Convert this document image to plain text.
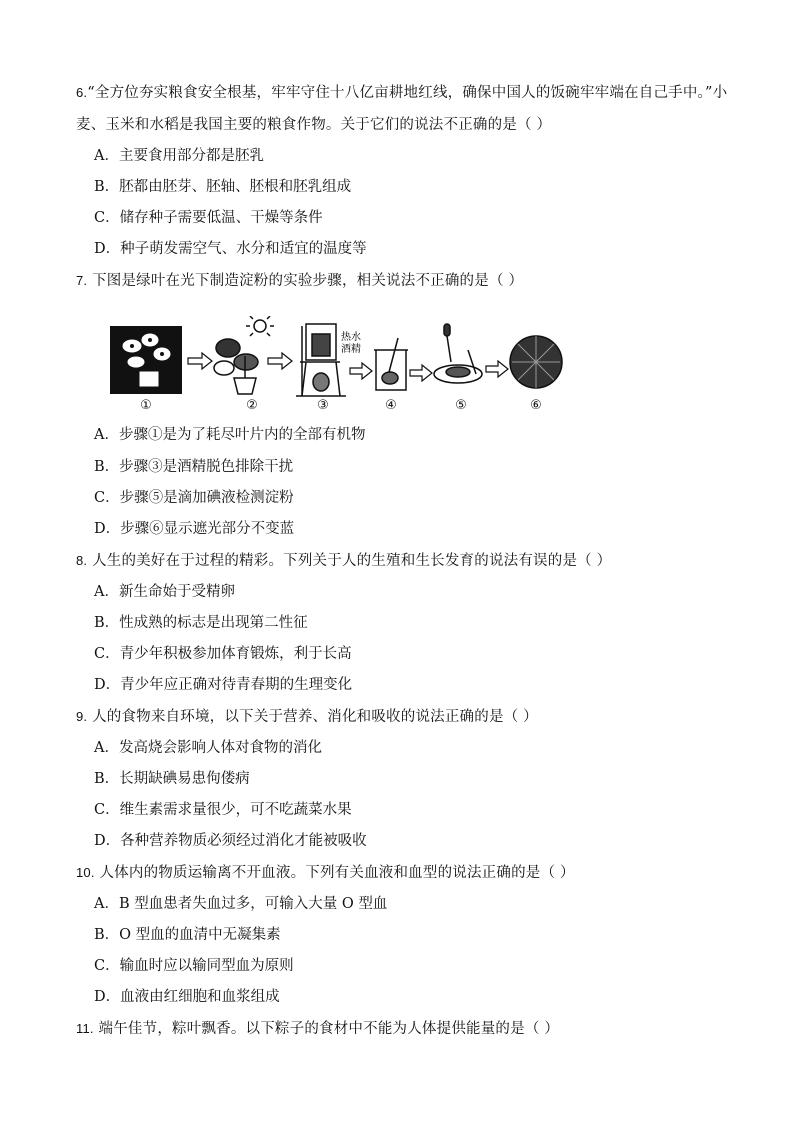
6.“全方位夯实粮食安全根基，牢牢守住十八亿亩耕地红线，确保中国人的饭碗牢牢端在自己手中。”小
麦、玉米和水稻是我国主要的粮食作物。关于它们的说法不正确的是（ ）
A．主要食用部分都是胚乳
B．胚都由胚芽、胚轴、胚根和胚乳组成
C．储存种子需要低温、干燥等条件
D．种子萌发需空气、水分和适宜的温度等
7. 下图是绿叶在光下制造淀粉的实验步骤，相关说法不正确的是（ ）
热水
酒精
①	②	③	④	⑤	⑥
A．步骤①是为了耗尽叶片内的全部有机物
B．步骤③是酒精脱色排除干扰
C．步骤⑤是滴加碘液检测淀粉
D．步骤⑥显示遮光部分不变蓝
8. 人生的美好在于过程的精彩。下列关于人的生殖和生长发育的说法有误的是（ ）
A．新生命始于受精卵
B．性成熟的标志是出现第二性征
C．青少年积极参加体育锻炼，利于长高
D．青少年应正确对待青春期的生理变化
9. 人的食物来自环境，以下关于营养、消化和吸收的说法正确的是（ ）
A．发高烧会影响人体对食物的消化
B．长期缺碘易患佝偻病
C．维生素需求量很少，可不吃蔬菜水果
D．各种营养物质必须经过消化才能被吸收
10. 人体内的物质运输离不开血液。下列有关血液和血型的说法正确的是（ ）
A．B 型血患者失血过多，可输入大量 O 型血
B．O 型血的血清中无凝集素
C．输血时应以输同型血为原则
D．血液由红细胞和血浆组成
11. 端午佳节，粽叶飘香。以下粽子的食材中不能为人体提供能量的是（ ）
